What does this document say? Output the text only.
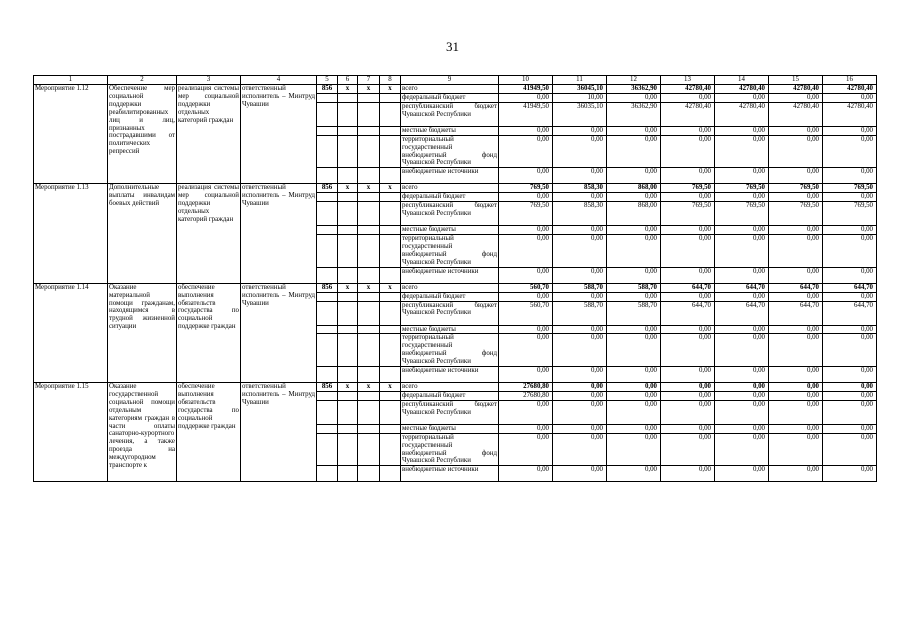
31
1	2	3	4	5	6	7	8	9	10	11	12	13	14	15	16
Мероприятие 1.12	Обеспечение мер социальной поддержки реабилитированных лиц и лиц, признанных пострадавшими от политических репрессий	реализация системы мер социальной поддержки отдельных категорий граждан	ответственный исполнитель – Минтруд Чувашии	856	x	x	x	всего	41949,50	36045,10	36362,90	42780,40	42780,40	42780,40	42780,40
								федеральный бюджет	0,00	10,00	0,00	0,00	0,00	0,00	0,00
								республиканский бюджет Чувашской Республики	41949,50	36035,10	36362,90	42780,40	42780,40	42780,40	42780,40
								местные бюджеты	0,00	0,00	0,00	0,00	0,00	0,00	0,00
								территориальный государственный внебюджетный фонд Чувашской Республики	0,00	0,00	0,00	0,00	0,00	0,00	0,00
								внебюджетные источники	0,00	0,00	0,00	0,00	0,00	0,00	0,00
Мероприятие 1.13	Дополнительные выплаты инвалидам боевых действий	реализация системы мер социальной поддержки отдельных категорий граждан	ответственный исполнитель – Минтруд Чувашии	856	x	x	x	всего	769,50	858,30	868,00	769,50	769,50	769,50	769,50
								федеральный бюджет	0,00	0,00	0,00	0,00	0,00	0,00	0,00
								республиканский бюджет Чувашской Республики	769,50	858,30	868,00	769,50	769,50	769,50	769,50
								местные бюджеты	0,00	0,00	0,00	0,00	0,00	0,00	0,00
								территориальный государственный внебюджетный фонд Чувашской Республики	0,00	0,00	0,00	0,00	0,00	0,00	0,00
								внебюджетные источники	0,00	0,00	0,00	0,00	0,00	0,00	0,00
Мероприятие 1.14	Оказание материальной помощи гражданам, находящимся в трудной жизненной ситуации	обеспечение выполнения обязательств государства по социальной поддержке граждан	ответственный исполнитель – Минтруд Чувашии	856	x	x	x	всего	560,70	588,70	588,70	644,70	644,70	644,70	644,70
								федеральный бюджет	0,00	0,00	0,00	0,00	0,00	0,00	0,00
								республиканский бюджет Чувашской Республики	560,70	588,70	588,70	644,70	644,70	644,70	644,70
								местные бюджеты	0,00	0,00	0,00	0,00	0,00	0,00	0,00
								территориальный государственный внебюджетный фонд Чувашской Республики	0,00	0,00	0,00	0,00	0,00	0,00	0,00
								внебюджетные источники	0,00	0,00	0,00	0,00	0,00	0,00	0,00
Мероприятие 1.15	Оказание государственной социальной помощи отдельным категориям граждан в части оплаты санаторно-курортного лечения, а также проезда на междугородном транспорте к	обеспечение выполнения обязательств государства по социальной поддержке граждан	ответственный исполнитель – Минтруд Чувашии	856	x	x	x	всего	27680,80	0,00	0,00	0,00	0,00	0,00	0,00
								федеральный бюджет	27680,80	0,00	0,00	0,00	0,00	0,00	0,00
								республиканский бюджет Чувашской Республики	0,00	0,00	0,00	0,00	0,00	0,00	0,00
								местные бюджеты	0,00	0,00	0,00	0,00	0,00	0,00	0,00
								территориальный государственный внебюджетный фонд Чувашской Республики	0,00	0,00	0,00	0,00	0,00	0,00	0,00
								внебюджетные источники	0,00	0,00	0,00	0,00	0,00	0,00	0,00
